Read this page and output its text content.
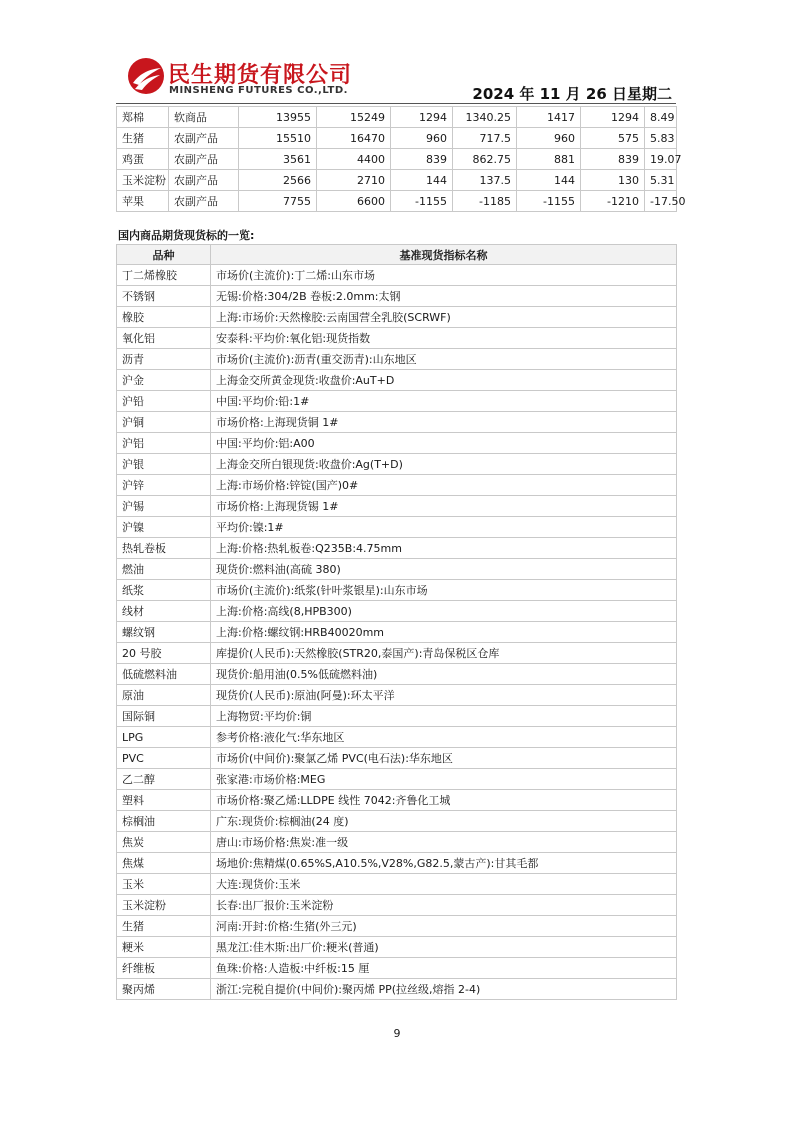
民生期货有限公司
MINSHENG FUTURES CO.,LTD.	2024 年 11 月 26 日星期二
郑棉	软商品	13955	15249	1294	1340.25	1417	1294	8.49
生猪	农副产品	15510	16470	960	717.5	960	575	5.83
鸡蛋	农副产品	3561	4400	839	862.75	881	839	19.07
玉米淀粉	农副产品	2566	2710	144	137.5	144	130	5.31
苹果	农副产品	7755	6600	-1155	-1185	-1155	-1210	-17.50
国内商品期货现货标的一览:
品种	基准现货指标名称
丁二烯橡胶	市场价(主流价):丁二烯:山东市场
不锈钢	无锡:价格:304/2B 卷板:2.0mm:太钢
橡胶	上海:市场价:天然橡胶:云南国营全乳胶(SCRWF)
氧化铝	安泰科:平均价:氧化铝:现货指数
沥青	市场价(主流价):沥青(重交沥青):山东地区
沪金	上海金交所黄金现货:收盘价:AuT+D
沪铅	中国:平均价:铅:1#
沪铜	市场价格:上海现货铜 1#
沪铝	中国:平均价:铝:A00
沪银	上海金交所白银现货:收盘价:Ag(T+D)
沪锌	上海:市场价格:锌锭(国产)0#
沪锡	市场价格:上海现货锡 1#
沪镍	平均价:镍:1#
热轧卷板	上海:价格:热轧板卷:Q235B:4.75mm
燃油	现货价:燃料油(高硫 380)
纸浆	市场价(主流价):纸浆(针叶浆银星):山东市场
线材	上海:价格:高线(8,HPB300)
螺纹钢	上海:价格:螺纹钢:HRB40020mm
20 号胶	库提价(人民币):天然橡胶(STR20,泰国产):青岛保税区仓库
低硫燃料油	现货价:船用油(0.5%低硫燃料油)
原油	现货价(人民币):原油(阿曼):环太平洋
国际铜	上海物贸:平均价:铜
LPG	参考价格:液化气:华东地区
PVC	市场价(中间价):聚氯乙烯 PVC(电石法):华东地区
乙二醇	张家港:市场价格:MEG
塑料	市场价格:聚乙烯:LLDPE 线性 7042:齐鲁化工城
棕榈油	广东:现货价:棕榈油(24 度)
焦炭	唐山:市场价格:焦炭:准一级
焦煤	场地价:焦精煤(0.65%S,A10.5%,V28%,G82.5,蒙古产):甘其毛都
玉米	大连:现货价:玉米
玉米淀粉	长春:出厂报价:玉米淀粉
生猪	河南:开封:价格:生猪(外三元)
粳米	黑龙江:佳木斯:出厂价:粳米(普通)
纤维板	鱼珠:价格:人造板:中纤板:15 厘
聚丙烯	浙江:完税自提价(中间价):聚丙烯 PP(拉丝级,熔指 2-4)
9
